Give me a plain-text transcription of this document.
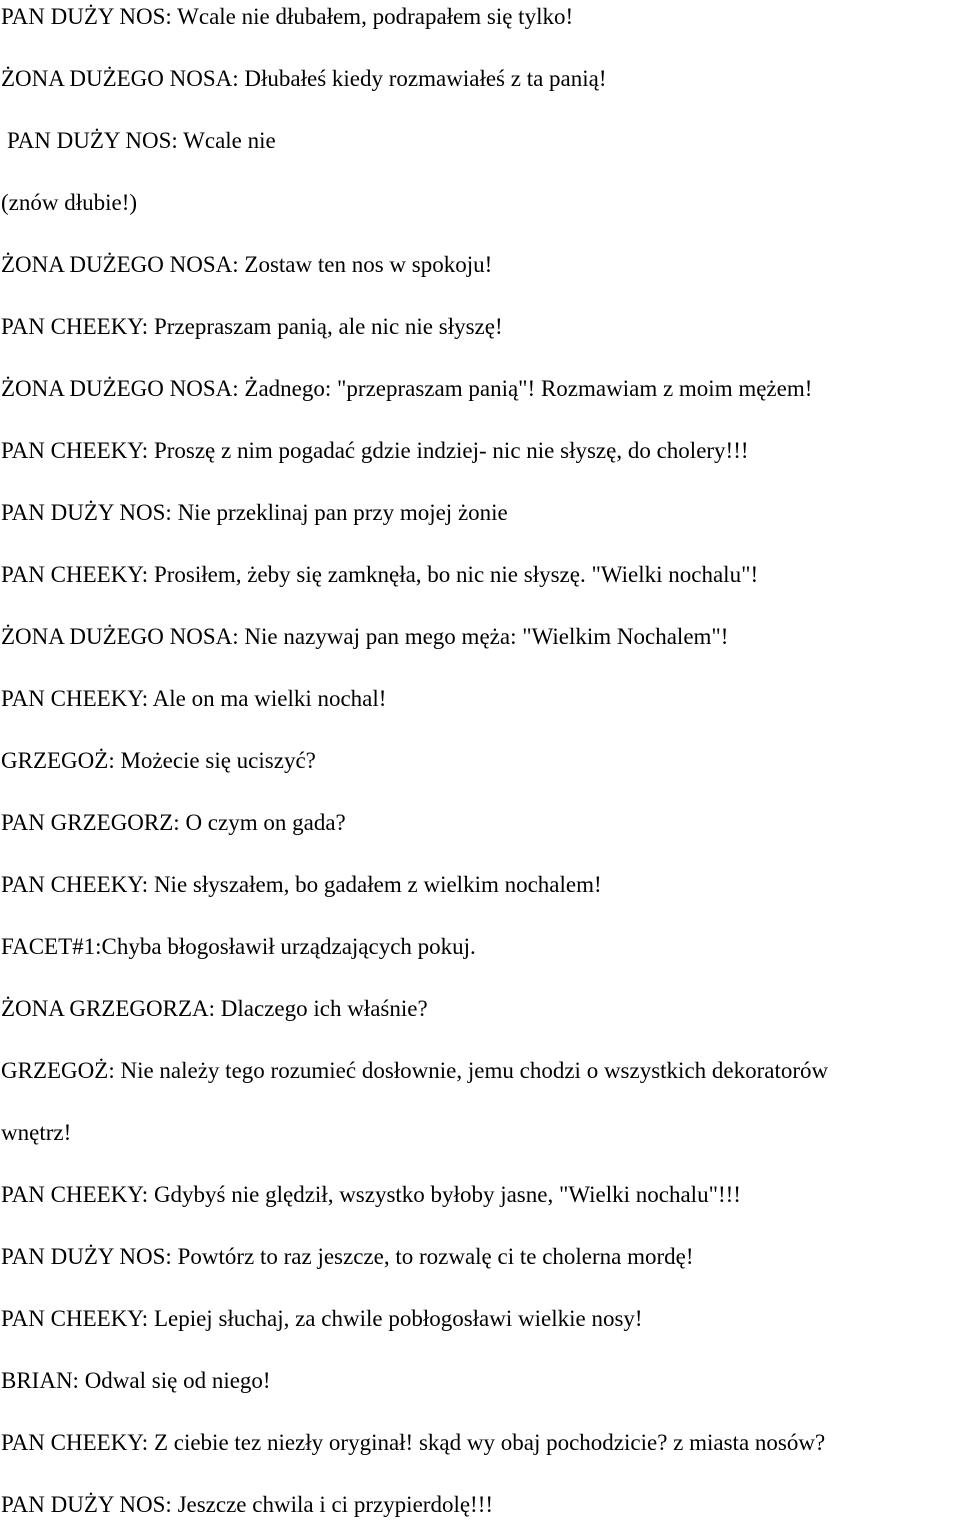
PAN DUŻY NOS: Wcale nie dłubałem, podrapałem się tylko!
ŻONA DUŻEGO NOSA: Dłubałeś kiedy rozmawiałeś z ta panią!
PAN DUŻY NOS: Wcale nie
(znów dłubie!)
ŻONA DUŻEGO NOSA: Zostaw ten nos w spokoju!
PAN CHEEKY: Przepraszam panią, ale nic nie słyszę!
ŻONA DUŻEGO NOSA: Żadnego: "przepraszam panią"! Rozmawiam z moim mężem!
PAN CHEEKY: Proszę z nim pogadać gdzie indziej- nic nie słyszę, do cholery!!!
PAN DUŻY NOS: Nie przeklinaj pan przy mojej żonie
PAN CHEEKY: Prosiłem, żeby się zamknęła, bo nic nie słyszę. "Wielki nochalu"!
ŻONA DUŻEGO NOSA: Nie nazywaj pan mego męża: "Wielkim Nochalem"!
PAN CHEEKY: Ale on ma wielki nochal!
GRZEGOŻ: Możecie się uciszyć?
PAN GRZEGORZ: O czym on gada?
PAN CHEEKY: Nie słyszałem, bo gadałem z wielkim nochalem!
FACET#1:Chyba błogosławił urządzających pokuj.
ŻONA GRZEGORZA: Dlaczego ich właśnie?
GRZEGOŻ: Nie należy tego rozumieć dosłownie, jemu chodzi o wszystkich dekoratorów
wnętrz!
PAN CHEEKY: Gdybyś nie ględził, wszystko byłoby jasne, "Wielki nochalu"!!!
PAN DUŻY NOS: Powtórz to raz jeszcze, to rozwalę ci te cholerna mordę!
PAN CHEEKY: Lepiej słuchaj, za chwile pobłogosławi wielkie nosy!
BRIAN: Odwal się od niego!
PAN CHEEKY: Z ciebie tez niezły oryginał! skąd wy obaj pochodzicie? z miasta nosów?
PAN DUŻY NOS: Jeszcze chwila i ci przypierdolę!!!
